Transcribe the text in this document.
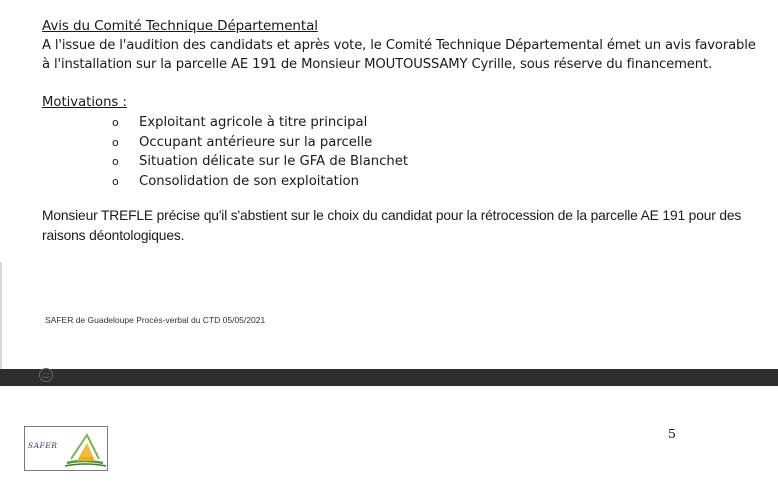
Avis du Comité Technique Départemental

A l'issue de l'audition des candidats et après vote, le Comité Technique Départemental émet un avis favorable à l'installation sur la parcelle AE 191 de Monsieur MOUTOUSSAMY Cyrille, sous réserve du financement.

Motivations :
o Exploitant agricole à titre principal
o Occupant antérieure sur la parcelle
o Situation délicate sur le GFA de Blanchet
o Consolidation de son exploitation

Monsieur TREFLE précise qu'il s'abstient sur le choix du candidat pour la rétrocession de la parcelle AE 191 pour des raisons déontologiques.

SAFER de Guadeloupe Procès-verbal du CTD 05/05/2021
SAFER
5
